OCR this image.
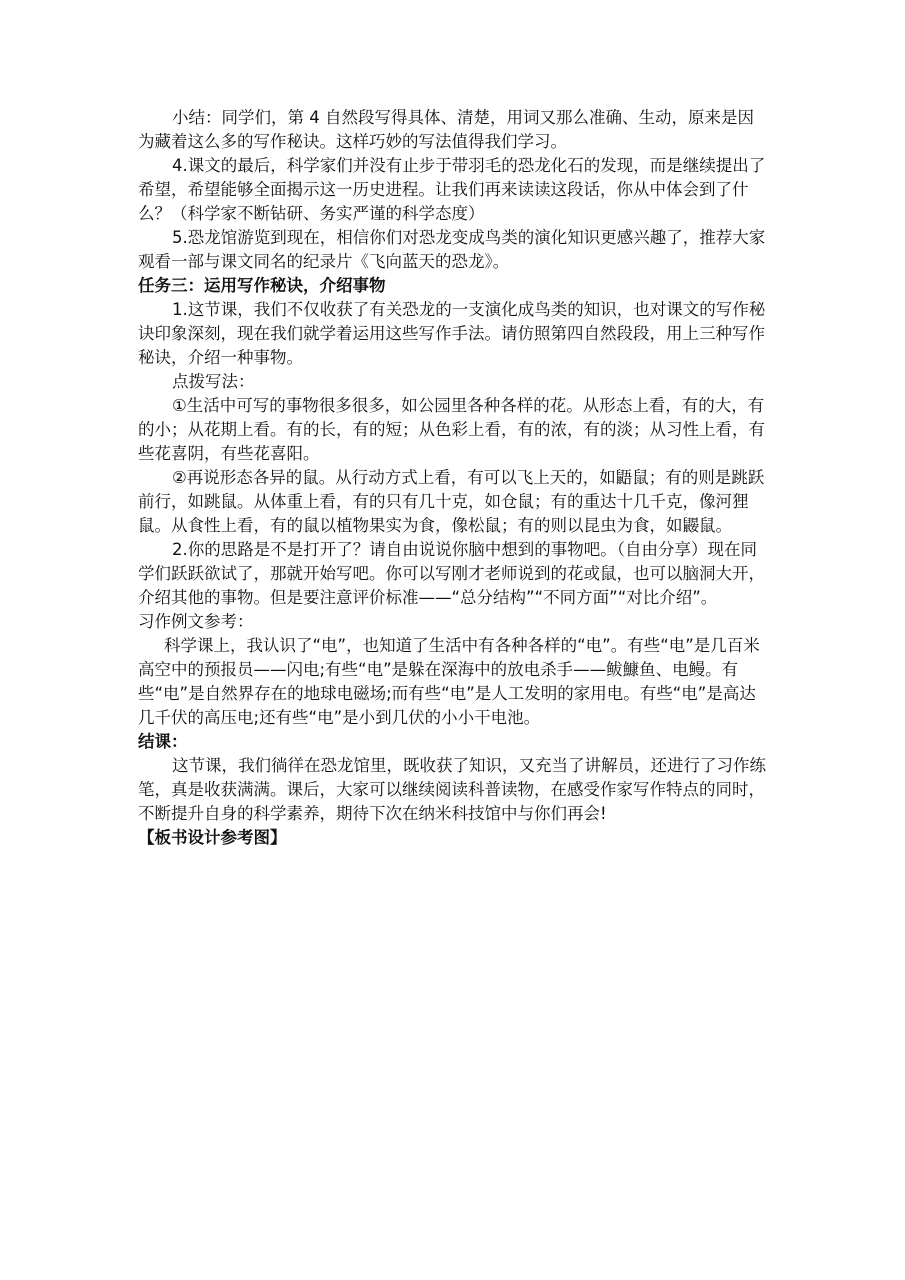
小结：同学们，第 4 自然段写得具体、清楚，用词又那么准确、生动，原来是因为藏着这么多的写作秘诀。这样巧妙的写法值得我们学习。

4.课文的最后，科学家们并没有止步于带羽毛的恐龙化石的发现，而是继续提出了希望，希望能够全面揭示这一历史进程。让我们再来读读这段话，你从中体会到了什么？（科学家不断钻研、务实严谨的科学态度）

5.恐龙馆游览到现在，相信你们对恐龙变成鸟类的演化知识更感兴趣了，推荐大家观看一部与课文同名的纪录片《飞向蓝天的恐龙》。

任务三：运用写作秘诀，介绍事物

1.这节课，我们不仅收获了有关恐龙的一支演化成鸟类的知识，也对课文的写作秘诀印象深刻，现在我们就学着运用这些写作手法。请仿照第四自然段段，用上三种写作秘诀，介绍一种事物。

点拨写法：

①生活中可写的事物很多很多，如公园里各种各样的花。从形态上看，有的大，有的小；从花期上看。有的长，有的短；从色彩上看，有的浓，有的淡；从习性上看，有些花喜阴，有些花喜阳。

②再说形态各异的鼠。从行动方式上看，有可以飞上天的，如鼯鼠；有的则是跳跃前行，如跳鼠。从体重上看，有的只有几十克，如仓鼠；有的重达十几千克，像河狸鼠。从食性上看，有的鼠以植物果实为食，像松鼠；有的则以昆虫为食，如鼹鼠。

2.你的思路是不是打开了？请自由说说你脑中想到的事物吧。（自由分享）现在同学们跃跃欲试了，那就开始写吧。你可以写刚才老师说到的花或鼠，也可以脑洞大开，介绍其他的事物。但是要注意评价标准——“总分结构”“不同方面”“对比介绍”。

习作例文参考：

科学课上，我认识了“电”，也知道了生活中有各种各样的“电”。有些“电”是几百米高空中的预报员——闪电;有些“电”是躲在深海中的放电杀手——鲅鱇鱼、电鳗。有些“电”是自然界存在的地球电磁场;而有些“电”是人工发明的家用电。有些“电”是高达几千伏的高压电;还有些“电”是小到几伏的小小干电池。

结课：

这节课，我们徜徉在恐龙馆里，既收获了知识，又充当了讲解员，还进行了习作练笔，真是收获满满。课后，大家可以继续阅读科普读物，在感受作家写作特点的同时，不断提升自身的科学素养，期待下次在纳米科技馆中与你们再会!

【板书设计参考图】
